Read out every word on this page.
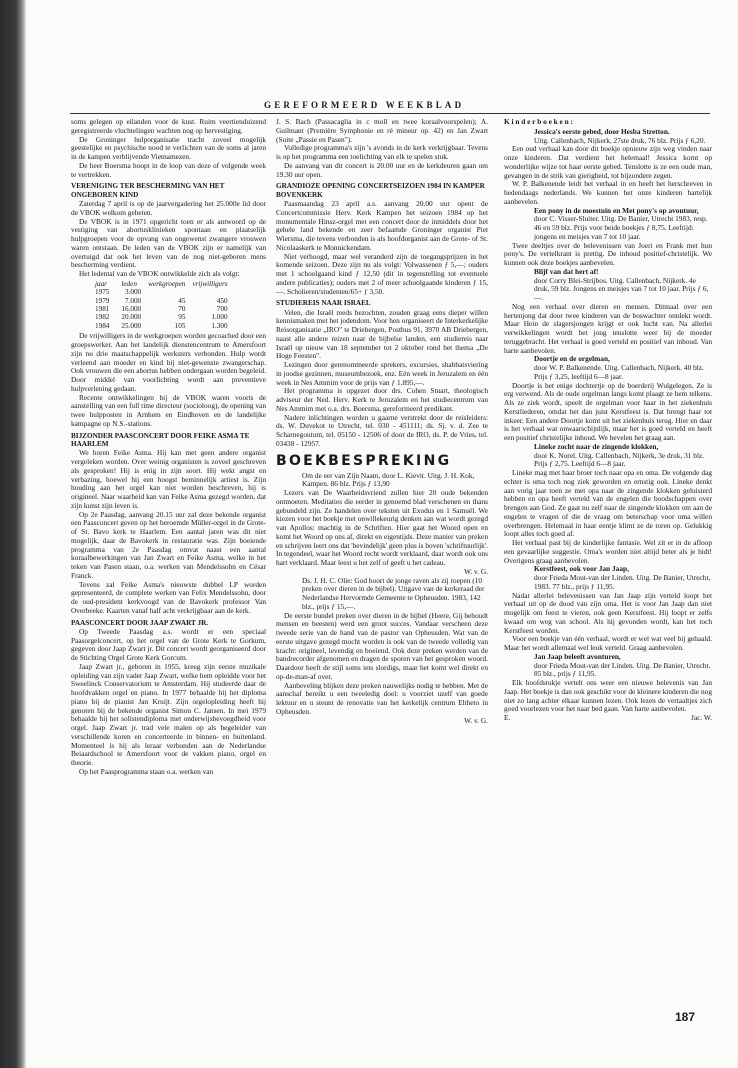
GEREFORMEERD WEEKBLAD

soms gelegen op eilanden voor de kust. Ruim veertienduizend geregistreerde vluchtelingen wachten nog op hervestiging.

De Groninger hulporganisatie tracht zoveel mogelijk geestelijke en psychische nood te verlichten van de soms al jaren in de kampen verblijvende Vietnamezen.

De heer Boersma hoopt in de loop van deze of volgende week te vertrekken.

VERENIGING TER BESCHERMING VAN HET ONGEBOREN KIND

Zaterdag 7 april is op de jaarvergadering het 25.000e lid door de VBOK welkom geheten.

De VBOK is in 1971 opgericht toen er als antwoord op de vestiging van abortusklinieken spontaan en plaatselijk hulpgroepen voor de opvang van ongewenst zwangere vrouwen waren ontstaan. De leden van de VBOK zijn er namelijk van overtuigd dat ook het leven van de nog niet-geboren mens bescherming verdient.

Het ledental van de VBOK ontwikkelde zich als volgt:

jaar	leden	werkgroepen	vrijwilligers
1975	3.000		
1979	7.000	45	450
1981	16.000	70	700
1982	20.000	95	1.000
1984	25.000	105	1.300

De vrijwilligers in de werkgroepen worden gecoached door een groepswerker. Aan het landelijk dienstencentrum te Amersfoort zijn nu drie maatschappelijk werksters verbonden. Hulp wordt verleend aan moeder en kind bij niet-gewenste zwangerschap. Ook vrouwen die een abortus hebben ondergaan worden begeleid. Door middel van voorlichting wordt aan preventieve hulpverlening gedaan.

Recente ontwikkelingen bij de VBOK waren voorts de aanstelling van een full time directeur (socioloog), de opening van twee hulpposten in Arnhem en Eindhoven en de landelijke kampagne op N.S.-stations.

BIJZONDER PAASCONCERT DOOR FEIKE ASMA TE HAARLEM

We horen Feike Asma. Hij kan met geen andere organist vergeleken worden. Over weinig organisten is zoveel geschreven als gesproken! Hij is enig in zijn soort. Hij wekt angst en verbazing, hoewel hij een hoogst beminnelijk artiest is. Zijn houding aan het orgel kan niet worden beschreven, hij is origineel. Naar waarheid kan van Feike Asma gezegd worden, dat zijn kunst zijn leven is.

Op 2e Paasdag, aanvang 20.15 uur zal deze bekende organist een Paasconcert geven op het beroemde Müller-orgel in de Grote- of St. Bavo kerk te Haarlem. Een aantal jaren was dit niet mogelijk, daar de Bavokerk in restauratie was. Zijn boeiende programma van 2e Paasdag omvat naast een aantal koraalbewerkingen van Jan Zwart en Feike Asma, welke in het teken van Pasen staan, o.a. werken van Mendelssohn en César Franck.

Tevens zal Feike Asma's nieuwste dubbel LP worden gepresenteerd, de complete werken van Felix Mendelssohn, door de oud-president kerkvoogd van de Bavokerk professor Van Overbeeke. Kaarten vanaf half acht verkrijgbaar aan de kerk.

PAASCONCERT DOOR JAAP ZWART JR.

Op Tweede Paasdag a.s. wordt er een speciaal Paasorgelconcert, op het orgel van de Grote Kerk te Gorkum, gegeven door Jaap Zwart jr. Dit concert wordt georganiseerd door de Stichting Orgel Grote Kerk Gorcum.

Jaap Zwart jr., geboren in 1955, kreeg zijn eerste muzikale opleiding van zijn vader Jaap Zwart, welke hem opleidde voor het Sweelinck Conservatorium te Amsterdam. Hij studeerde daar de hoofdvakken orgel en piano. In 1977 behaalde hij het diploma piano bij de pianist Jan Kruijt. Zijn orgelopleiding heeft hij genoten bij de bekende organist Simon C. Jansen. In mei 1979 behaalde hij het solistendiploma met onderwijsbevoegdheid voor orgel. Jaap Zwart jr. trad vele malen op als begeleider van verschillende koren en concerteerde in binnen- en buitenland. Momenteel is hij als leraar verbonden aan de Nederlandse Beiaardschool te Amersfoort voor de vakken piano, orgel en theorie.

Op het Paasprogramma staan o.a. werken van

J. S. Bach (Passacaglia in c moll en twee koraalvoorspelen); A. Guilmant (Première Symphonie en ré mineur op. 42) en Jan Zwart (Suite „Passie en Pasen").

Volledige programma's zijn 's avonds in de kerk verkrijgbaar. Tevens is op het programma een toelichting van elk te spelen stuk.

De aanvang van dit concert is 20.00 uur en de kerkdeuren gaan om 19.30 uur open.

GRANDIOZE OPENING CONCERTSEIZOEN 1984 IN KAMPER BOVENKERK

Paasmaandag 23 april a.s. aanvang 20.00 uur opent de Concertcommissie Herv. Kerk Kampen het seizoen 1984 op het monumentale Hinsz-orgel met een concert door de inmiddels door het gehele land bekende en zeer befaamde Groninger organist Piet Wiersma, die tevens verbonden is als hoofdorganist aan de Grote- of St. Nicolaaskerk te Monnickendam.

Niet verhoogd, maar wel veranderd zijn de toegangsprijzen in het komende seizoen. Deze zijn nu als volgt: Volwassenen ƒ 5,—; ouders met 1 schoolgaand kind ƒ 12,50 (dit in tegenstelling tot eventuele andere publicaties); ouders met 2 of meer schoolgaande kinderen ƒ 15,—. Scholieren/studenten/65+ ƒ 3,50.

STUDIEREIS NAAR ISRAEL

Velen, die Israël reeds bezochten, zouden graag eens dieper willen kennismaken met het jodendom. Voor hen organiseert de Interkerkelijke Reisorganisatie „IRO" te Driebergen, Postbus 91, 3970 AB Driebergen, naast alle andere reizen naar de bijbelse landen, een studiereis naar Israël op nieuw van 18 september tot 2 oktober rond het thema „De Hoge Feesten".

Lezingen door gerenommeerde sprekers, excursies, shabbatsviering in joodse gezinnen, museumbezoek, enz. Eén week in Jeruzalem en één week in Nes Ammim voor de prijs van ƒ 1.895,—.

Het programma is opgezet door drs. Cohen Stuart, theologisch adviseur der Ned. Herv. Kerk te Jeruzalem en het studiecentrum van Nes Ammim met o.a. drs. Boersma, gereformeerd predikant.

Nadere inlichtingen worden u gaarne verstrekt door de reisleiders: ds. W. Duvekot te Utrecht, tel. 030 - 451111; ds. Sj. v. d. Zee te Scharnegoutum, tel. 05150 - 12506 of door de IRO, ds. P. de Vries, tel. 03438 - 12957.

BOEKBESPREKING

Om de eer van Zijn Naam, door L. Kievit. Uitg. J. H. Kok, Kampen. 86 blz. Prijs ƒ 13,90

Lezers van De Waarheidsvriend zullen hier 20 oude bekenden ontmoeten. Meditaties die eerder in genoemd blad verschenen en thans gebundeld zijn. Ze handelen over teksten uit Exodus en 1 Samuël. We kiezen voor het boekje met onwillekeurig denken aan wat wordt gezegd van Apollos: machtig in de Schriften. Hier gaat het Woord open en komt het Woord op ons af, direkt en eigentijds. Deze manier van preken en schrijven leert ons dat 'bevindelijk' geen plus is boven 'schriftuurlijk'. In tegendeel, waar het Woord recht wordt verklaard, daar wordt ook ons hart verklaard. Maar leest u het zelf of geeft u het cadeau.

W. v. G.

Ds. J. H. C. Olie: God hoort de jonge raven als zij roepen (10 preken over dieren in de bijbel). Uitgave van de kerkeraad der Nederlandse Hervormde Gemeente te Opheusden. 1983, 142 blz., prijs ƒ 15,—.

De eerste bundel preken over dieren in de bijbel (Heere, Gij behoudt mensen en beesten) werd een groot succes. Vandaar verscheen deze tweede serie van de hand van de pastor van Opheusden. Wat van de eerste uitgave gezegd mocht worden is ook van de tweede volledig van kracht: origineel, levendig en boeiend. Ook deze preken werden van de bandrecorder afgenomen en dragen de sporen van het gesproken woord. Daardoor heeft de stijl soms iets slordigs, maar het komt wel direkt en op-de-man-af over.

Aanbeveling blijken deze preken nauwelijks nodig te hebben. Met de aanschaf bereikt u een tweeledig doel: u voorziet uzelf van goede lektuur en u steunt de renovatie van het kerkelijk centrum Eltheto in Opheusden.

W. v. G.

Kinderboeken:

Jessica's eerste gebed, door Hesba Stretton.

Uitg. Callenbach, Nijkerk, 27ste druk, 76 blz. Prijs ƒ 6,20.

Een oud verhaal kan door dit boekje opnieuw zijn weg vinden naar onze kinderen. Dat verdient het helemaal! Jessica komt op wonderlijke wijze tot haar eerste gebed. Tenslotte is ze een oude man, gevangen in de strik van gierigheid, tot bijzondere zegen.

W. P. Balkenende leidt het verhaal in en heeft het herschreven in hedendaags nederlands. We kunnen het onze kinderen hartelijk aanbevelen.

Een pony in de moestuin en Met pony's op avontuur,

door C. Visser-Sluiter. Uitg. De Banier, Utrecht 1983, resp. 46 en 59 blz. Prijs voor beide boekjes ƒ 8,75. Leeftijd: jongens en meisjes van 7 tot 10 jaar.

Twee deeltjes over de belevenissen van Joeri en Frank met hun pony's. De vertelkrant is prettig. De inhoud positief-christelijk. We kunnen ook deze boekjes aanbevelen.

Blijf van dat hert af!

door Corry Blei-Strijbos. Uitg. Callenbach, Nijkerk. 4e druk, 59 blz. Jongens en meisjes van 7 tot 10 jaar. Prijs ƒ 6,—.

Nog een verhaal over dieren en mensen. Ditmaal over een hertenjong dat door twee kinderen van de boswachter ontdekt wordt. Maar Hein de slagersjongen krijgt er ook lucht van. Na allerlei verwikkelingen wordt het jong tenslotte weer bij de moeder teruggebracht. Het verhaal is goed verteld en positief van inhoud. Van harte aanbevolen.

Doortje en de orgelman,

door W. P. Balkenende. Uitg. Callenbach, Nijkerk. 40 blz. Prijs ƒ 3,25, leeftijd 6—8 jaar.

Doortje is het enige dochtertje op de boerderij Wulgelegen. Ze is erg verwend. Als de oude orgelman langs komt plaagt ze hem telkens. Als ze ziek wordt, speelt de orgelman voor haar in het ziekenhuis Kerstliederen, omdat het dan juist Kerstfeest is. Dat brengt haar tot inkeer. Een andere Doortje komt uit het ziekenhuis terug. Hier en daar is het verhaal wat onwaarschijnlijk, maar het is goed verteld en heeft een positief christelijke inhoud. We bevelen het graag aan.

Lineke zocht naar de zingende klokken,

door K. Norel. Uitg. Callenbach, Nijkerk, 3e druk, 31 blz. Prijs ƒ 2,75. Leeftijd 6—8 jaar.

Lineke mag met haar broer toch naar opa en oma. De volgende dag echter is oma toch nog ziek geworden en ernstig ook. Lineke denkt aan vorig jaar toen ze met opa naar de zingende klokken geluisterd hebben en opa heeft verteld van de engelen die boodschappen over brengen aan God. Ze gaat nu zelf naar de zingende klokken om aan de engelen te vragen of die de vraag om beterschap voor oma willen overbrengen. Helemaal in haar eentje klimt ze de toren op. Gelukkig loopt alles toch goed af.

Het verhaal past bij de kinderlijke fantasie. Wel zit er in de afloop een gevaarlijke suggestie. Oma's worden niet altijd beter als je bidt! Overigens graag aanbevolen.

Kerstfeest, ook voor Jan Jaap,

door Frieda Mout-van der Linden. Uitg. De Banier, Utrecht, 1983. 77 blz., prijs ƒ 11,95.

Nadat allerlei belevenissen van Jan Jaap zijn verteld loopt het verhaal uit op de dood van zijn oma. Het is voor Jan Jaap dan niet mogelijk om feest te vieren, ook geen Kerstfeest. Hij loopt er zelfs kwaad om weg van school. Als hij gevonden wordt, kan het toch Kerstfeest worden.

Voor een boekje van één verhaal, wordt er wel wat veel bij gehaald. Maar het wordt allemaal wel leuk verteld. Graag aanbevolen.

Jan Jaap beleeft avonturen,

door Frieda Mout-van der Linden. Uitg. De Banier, Utrecht. 85 blz., prijs ƒ 11,95.

Elk hoofdstukje vertelt ons weer een nieuwe belevenis van Jan Jaap. Het boekje is dan ook geschikt voor de kleinere kinderen die nog niet zo lang achter elkaar kunnen lezen. Ook lezen de vertaaltjes zich goed voorlezen voor het naar bed gaan. Van harte aanbevolen.

E.	Jac. W.
187
